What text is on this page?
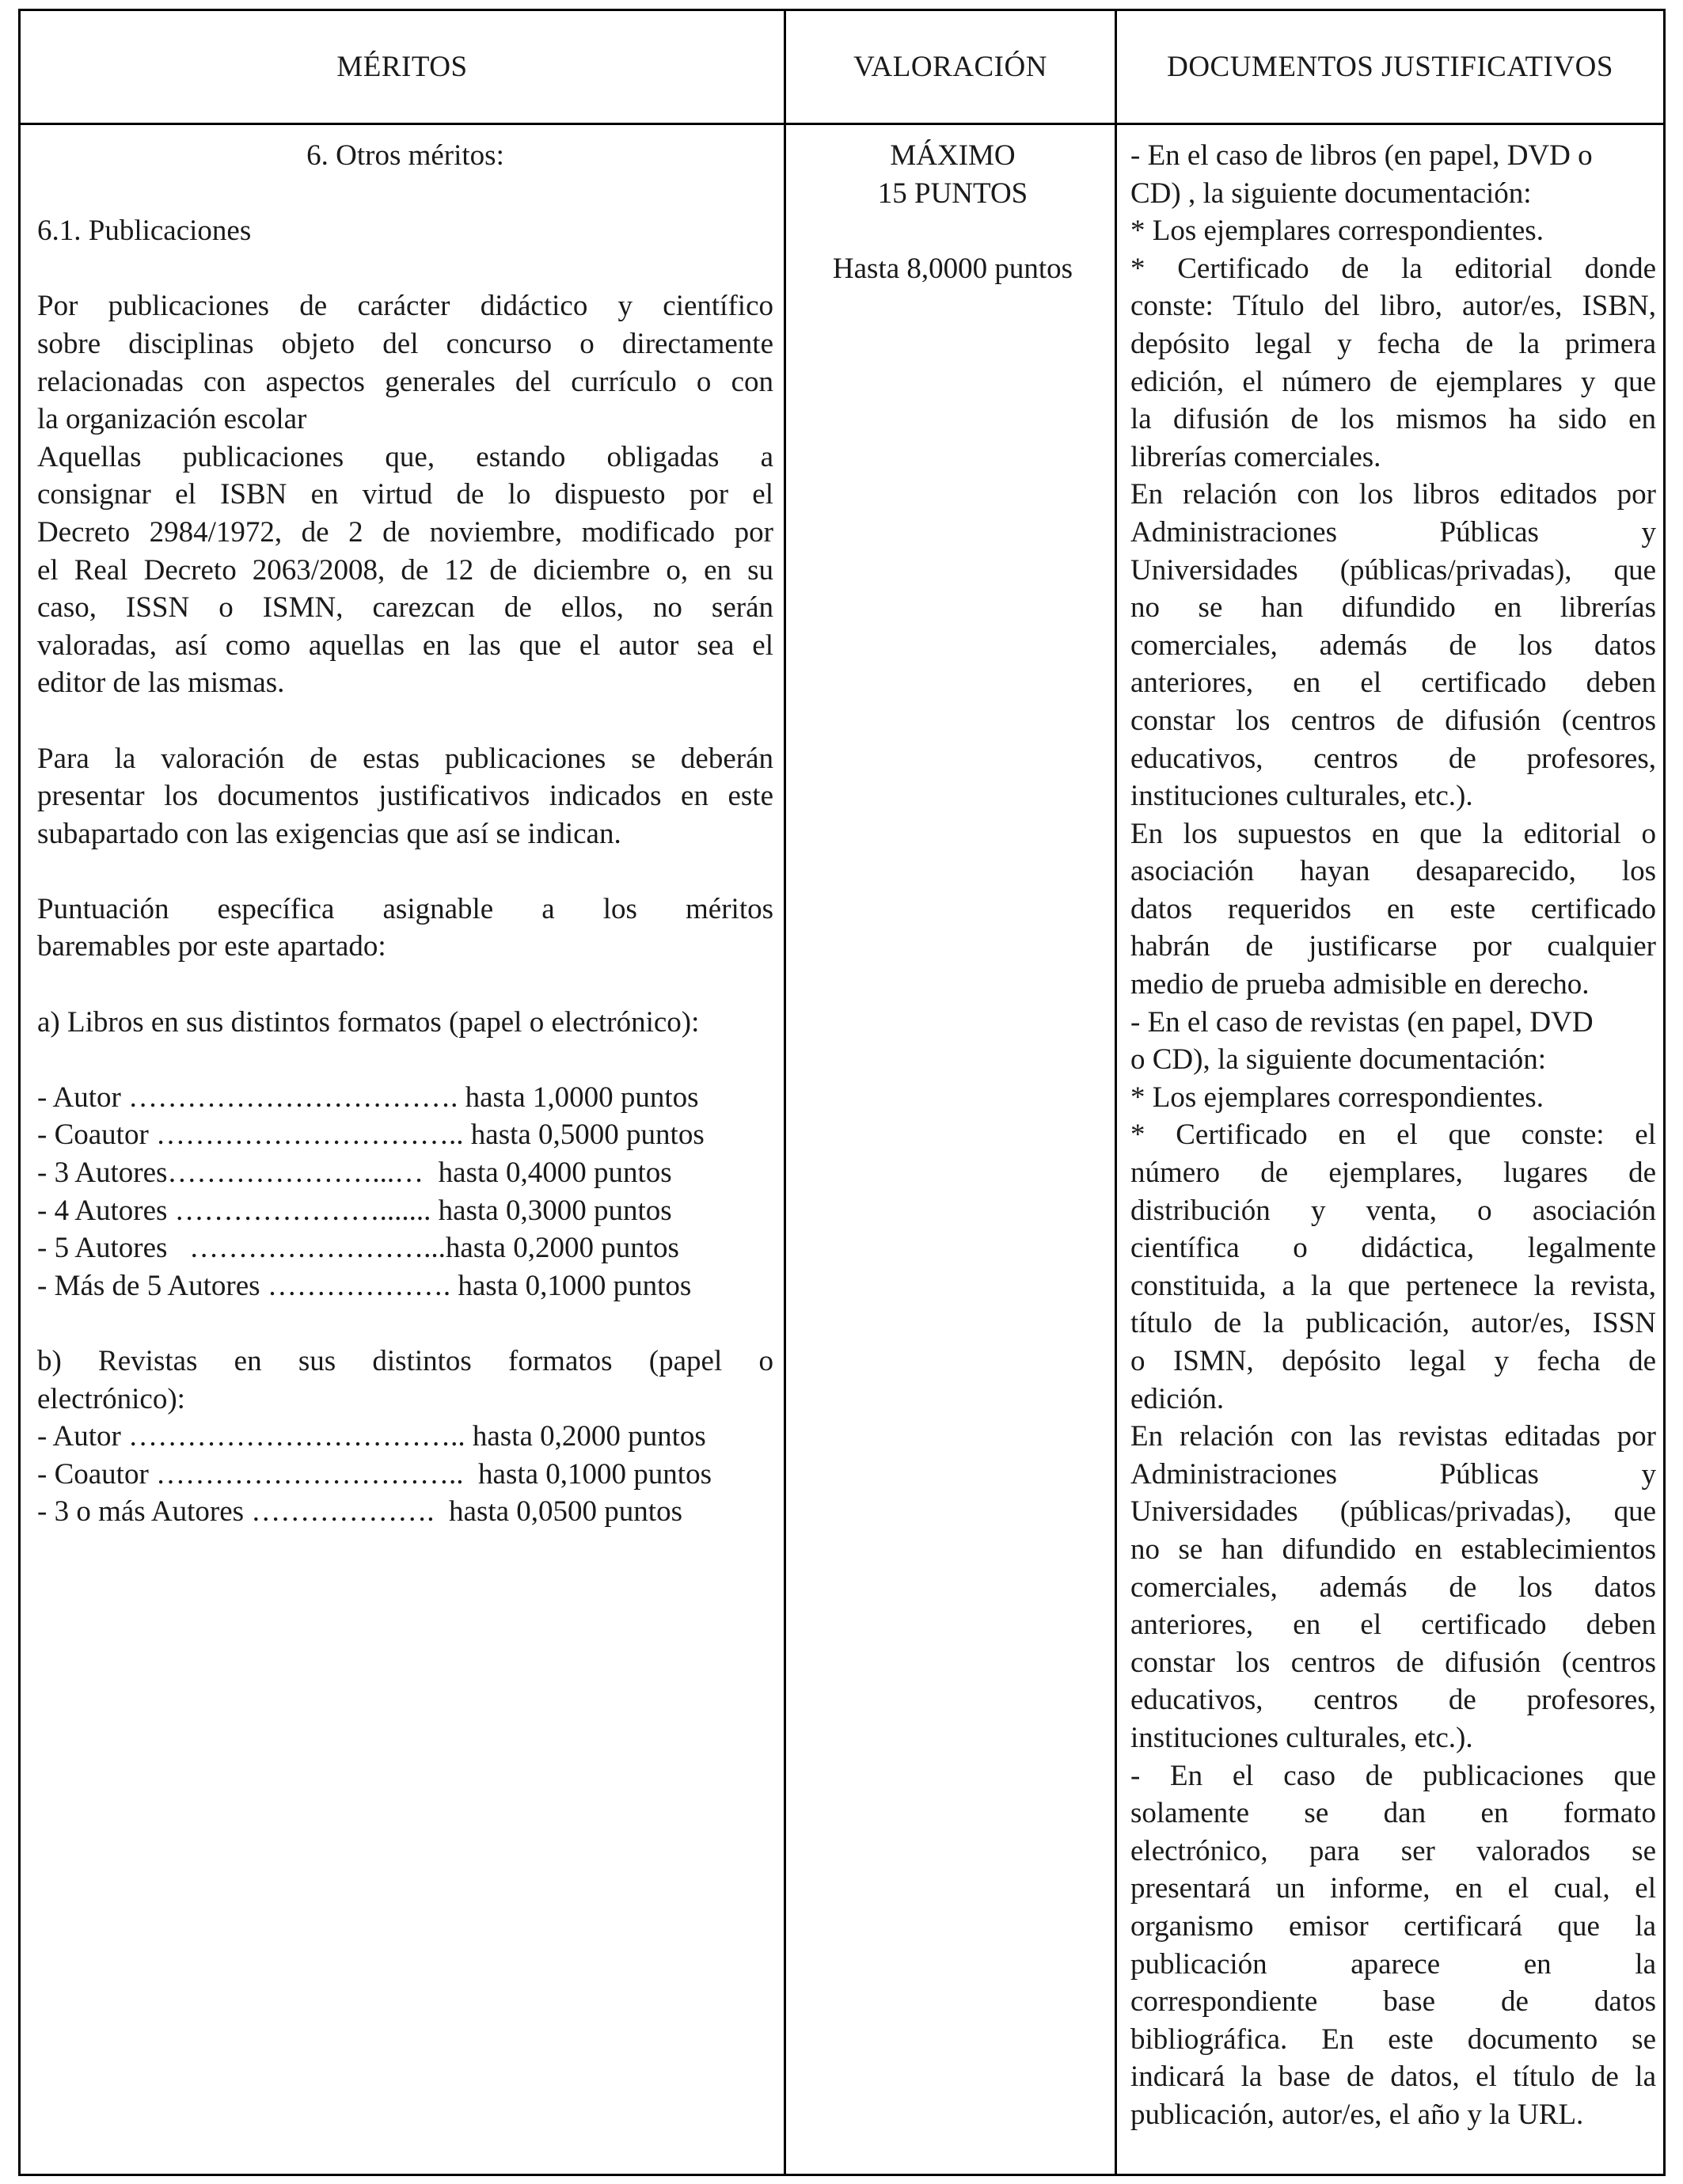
MÉRITOS	VALORACIÓN	DOCUMENTOS JUSTIFICATIVOS
6. Otros méritos:
6.1. Publicaciones
Por publicaciones de carácter didáctico y científico
sobre disciplinas objeto del concurso o directamente
relacionadas con aspectos generales del currículo o con
la organización escolar
Aquellas publicaciones que, estando obligadas a
consignar el ISBN en virtud de lo dispuesto por el
Decreto 2984/1972, de 2 de noviembre, modificado por
el Real Decreto 2063/2008, de 12 de diciembre o, en su
caso, ISSN o ISMN, carezcan de ellos, no serán
valoradas, así como aquellas en las que el autor sea el
editor de las mismas.
Para la valoración de estas publicaciones se deberán
presentar los documentos justificativos indicados en este
subapartado con las exigencias que así se indican.
Puntuación específica asignable a los méritos
baremables por este apartado:
a) Libros en sus distintos formatos (papel o electrónico):
- Autor ……………………………. hasta 1,0000 puntos
- Coautor ………………………….. hasta 0,5000 puntos
- 3 Autores…………………...…  hasta 0,4000 puntos
- 4 Autores …………………....... hasta 0,3000 puntos
- 5 Autores   ……………………...hasta 0,2000 puntos
- Más de 5 Autores ………………. hasta 0,1000 puntos
b) Revistas en sus distintos formatos (papel o
electrónico):
- Autor …………………………….. hasta 0,2000 puntos
- Coautor …………………………..  hasta 0,1000 puntos
- 3 o más Autores ……………….  hasta 0,0500 puntos
MÁXIMO
15 PUNTOS
Hasta 8,0000 puntos
- En el caso de libros (en papel, DVD o
CD) , la siguiente documentación:
* Los ejemplares correspondientes.
* Certificado de la editorial donde
conste: Título del libro, autor/es, ISBN,
depósito legal y fecha de la primera
edición, el número de ejemplares y que
la difusión de los mismos ha sido en
librerías comerciales.
En relación con los libros editados por
Administraciones Públicas y
Universidades (públicas/privadas), que
no se han difundido en librerías
comerciales, además de los datos
anteriores, en el certificado deben
constar los centros de difusión (centros
educativos, centros de profesores,
instituciones culturales, etc.).
En los supuestos en que la editorial o
asociación hayan desaparecido, los
datos requeridos en este certificado
habrán de justificarse por cualquier
medio de prueba admisible en derecho.
- En el caso de revistas (en papel, DVD
o CD), la siguiente documentación:
* Los ejemplares correspondientes.
* Certificado en el que conste: el
número de ejemplares, lugares de
distribución y venta, o asociación
científica o didáctica, legalmente
constituida, a la que pertenece la revista,
título de la publicación, autor/es, ISSN
o ISMN, depósito legal y fecha de
edición.
En relación con las revistas editadas por
Administraciones Públicas y
Universidades (públicas/privadas), que
no se han difundido en establecimientos
comerciales, además de los datos
anteriores, en el certificado deben
constar los centros de difusión (centros
educativos, centros de profesores,
instituciones culturales, etc.).
- En el caso de publicaciones que
solamente se dan en formato
electrónico, para ser valorados se
presentará un informe, en el cual, el
organismo emisor certificará que la
publicación aparece en la
correspondiente base de datos
bibliográfica. En este documento se
indicará la base de datos, el título de la
publicación, autor/es, el año y la URL.
